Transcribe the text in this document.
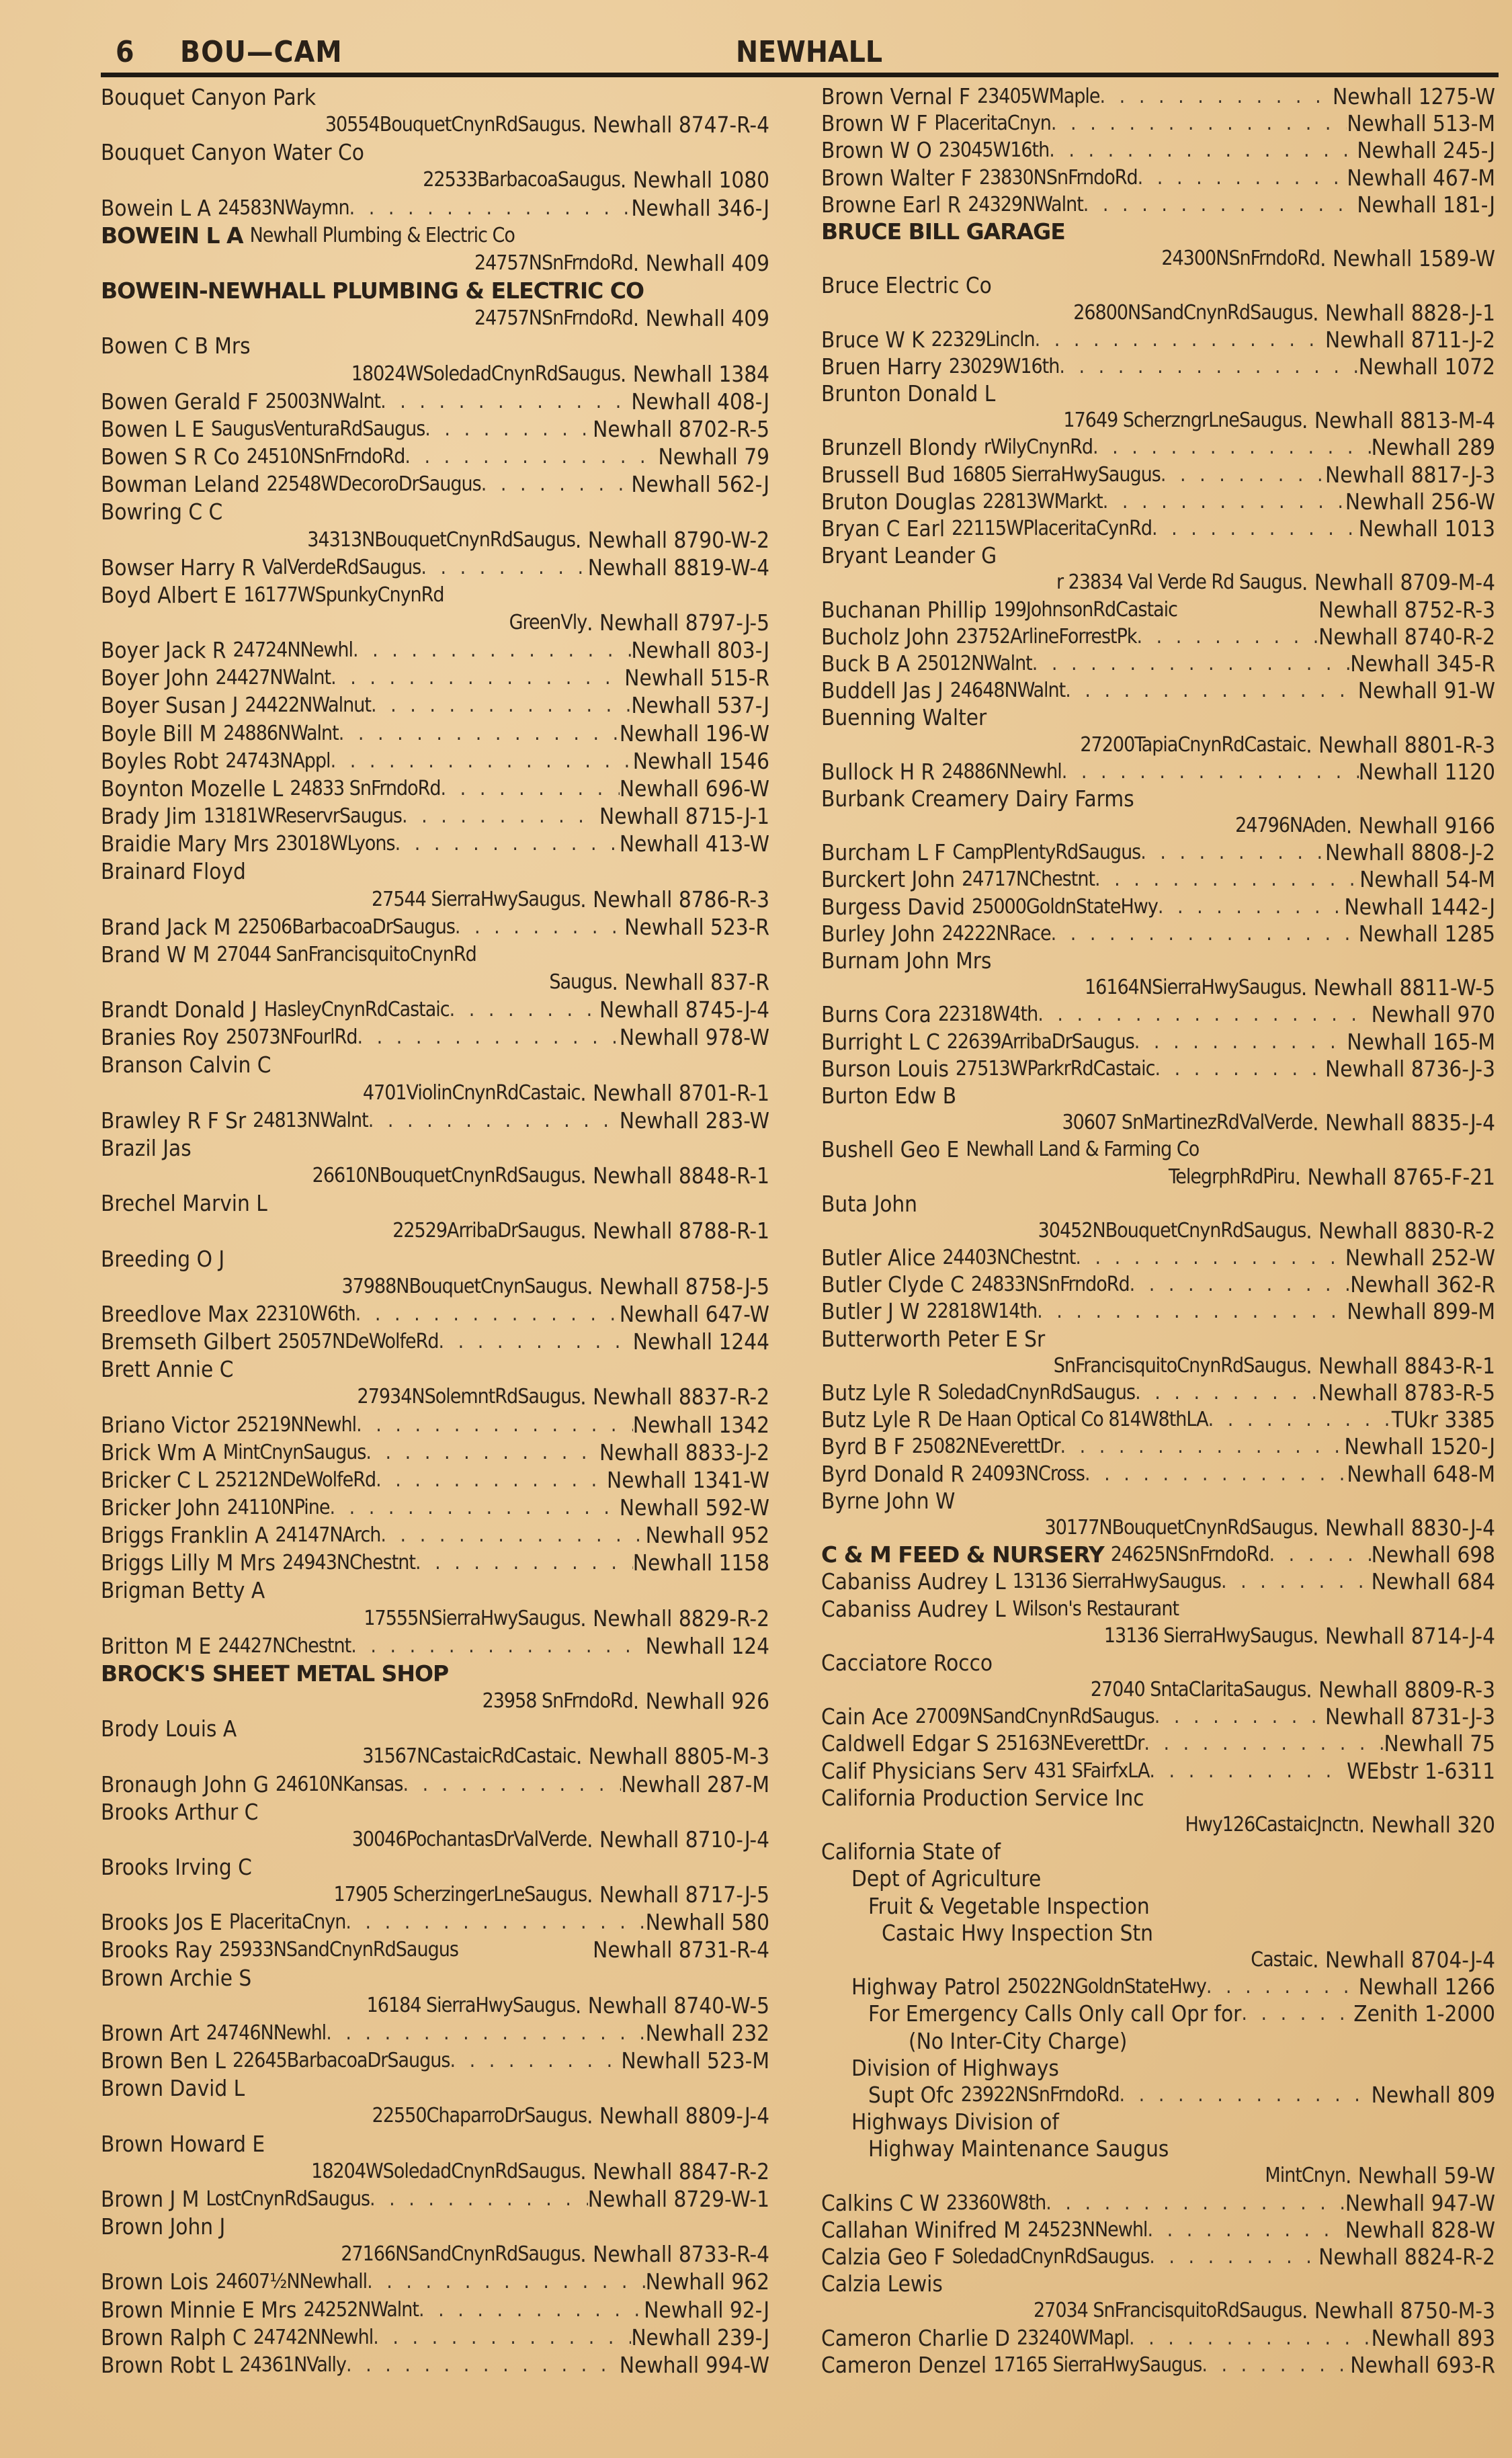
6 BOU—CAM	NEWHALL
Bouquet Canyon Park
30554BouquetCnynRdSaugus . Newhall 8747-R-4
Bouquet Canyon Water Co
22533BarbacoaSaugus . Newhall 1080
Bowein L A 24583NWaymn . . .	Newhall 346-J
BOWEIN L A Newhall Plumbing & Electric Co
24757NSnFrndoRd . Newhall 409
BOWEIN-NEWHALL PLUMBING & ELECTRIC CO
24757NSnFrndoRd . Newhall 409
Bowen C B Mrs
18024WSoledadCnynRdSaugus . Newhall 1384
Bowen Gerald F 25003NWalnt . . .	Newhall 408-J
Bowen L E SaugusVenturaRdSaugus . . .	Newhall 8702-R-5
Bowen S R Co 24510NSnFrndoRd . . .	Newhall 79
Bowman Leland 22548WDecoroDrSaugus . . .	Newhall 562-J
Bowring C C
34313NBouquetCnynRdSaugus . Newhall 8790-W-2
Bowser Harry R ValVerdeRdSaugus . . .	Newhall 8819-W-4
Boyd Albert E 16177WSpunkyCnynRd
GreenVly . Newhall 8797-J-5
Boyer Jack R 24724NNewhl . . .	Newhall 803-J
Boyer John 24427NWalnt . . .	Newhall 515-R
Boyer Susan J 24422NWalnut . . .	Newhall 537-J
Boyle Bill M 24886NWalnt . . .	Newhall 196-W
Boyles Robt 24743NAppl . . .	Newhall 1546
Boynton Mozelle L 24833 SnFrndoRd . . .	Newhall 696-W
Brady Jim 13181WReservrSaugus . . .	Newhall 8715-J-1
Braidie Mary Mrs 23018WLyons . . .	Newhall 413-W
Brainard Floyd
27544 SierraHwySaugus . Newhall 8786-R-3
Brand Jack M 22506BarbacoaDrSaugus . . .	Newhall 523-R
Brand W M 27044 SanFrancisquitoCnynRd
Saugus . Newhall 837-R
Brandt Donald J HasleyCnynRdCastaic . . .	Newhall 8745-J-4
Branies Roy 25073NFourlRd . . .	Newhall 978-W
Branson Calvin C
4701ViolinCnynRdCastaic . Newhall 8701-R-1
Brawley R F Sr 24813NWalnt . . .	Newhall 283-W
Brazil Jas
26610NBouquetCnynRdSaugus . Newhall 8848-R-1
Brechel Marvin L
22529ArribaDrSaugus . Newhall 8788-R-1
Breeding O J
37988NBouquetCnynSaugus . Newhall 8758-J-5
Breedlove Max 22310W6th . . .	Newhall 647-W
Bremseth Gilbert 25057NDeWolfeRd . . .	Newhall 1244
Brett Annie C
27934NSolemntRdSaugus . Newhall 8837-R-2
Briano Victor 25219NNewhl . . .	Newhall 1342
Brick Wm A MintCnynSaugus . . .	Newhall 8833-J-2
Bricker C L 25212NDeWolfeRd . . .	Newhall 1341-W
Bricker John 24110NPine . . .	Newhall 592-W
Briggs Franklin A 24147NArch . . .	Newhall 952
Briggs Lilly M Mrs 24943NChestnt . . .	Newhall 1158
Brigman Betty A
17555NSierraHwySaugus . Newhall 8829-R-2
Britton M E 24427NChestnt . . .	Newhall 124
BROCK'S SHEET METAL SHOP
23958 SnFrndoRd . Newhall 926
Brody Louis A
31567NCastaicRdCastaic . Newhall 8805-M-3
Bronaugh John G 24610NKansas . . .	Newhall 287-M
Brooks Arthur C
30046PochantasDrValVerde . Newhall 8710-J-4
Brooks Irving C
17905 ScherzingerLneSaugus . Newhall 8717-J-5
Brooks Jos E PlaceritaCnyn . . .	Newhall 580
Brooks Ray 25933NSandCnynRdSaugus	Newhall 8731-R-4
Brown Archie S
16184 SierraHwySaugus . Newhall 8740-W-5
Brown Art 24746NNewhl . . .	Newhall 232
Brown Ben L 22645BarbacoaDrSaugus . . .	Newhall 523-M
Brown David L
22550ChaparroDrSaugus . Newhall 8809-J-4
Brown Howard E
18204WSoledadCnynRdSaugus . Newhall 8847-R-2
Brown J M LostCnynRdSaugus . . .	Newhall 8729-W-1
Brown John J
27166NSandCnynRdSaugus . Newhall 8733-R-4
Brown Lois 24607½NNewhall . . .	Newhall 962
Brown Minnie E Mrs 24252NWalnt . . .	Newhall 92-J
Brown Ralph C 24742NNewhl . . .	Newhall 239-J
Brown Robt L 24361NVally . . .	Newhall 994-W
Brown Vernal F 23405WMaple . . .	Newhall 1275-W
Brown W F PlaceritaCnyn . . .	Newhall 513-M
Brown W O 23045W16th . . .	Newhall 245-J
Brown Walter F 23830NSnFrndoRd . . .	Newhall 467-M
Browne Earl R 24329NWalnt . . .	Newhall 181-J
BRUCE BILL GARAGE
24300NSnFrndoRd . Newhall 1589-W
Bruce Electric Co
26800NSandCnynRdSaugus . Newhall 8828-J-1
Bruce W K 22329Lincln . . .	Newhall 8711-J-2
Bruen Harry 23029W16th . . .	Newhall 1072
Brunton Donald L
17649 ScherzngrLneSaugus . Newhall 8813-M-4
Brunzell Blondy rWilyCnynRd . . .	Newhall 289
Brussell Bud 16805 SierraHwySaugus . . .	Newhall 8817-J-3
Bruton Douglas 22813WMarkt . . .	Newhall 256-W
Bryan C Earl 22115WPlaceritaCynRd . . .	Newhall 1013
Bryant Leander G
r 23834 Val Verde Rd Saugus . Newhall 8709-M-4
Buchanan Phillip 199JohnsonRdCastaic	Newhall 8752-R-3
Bucholz John 23752ArlineForrestPk . . .	Newhall 8740-R-2
Buck B A 25012NWalnt . . .	Newhall 345-R
Buddell Jas J 24648NWalnt . . .	Newhall 91-W
Buenning Walter
27200TapiaCnynRdCastaic . Newhall 8801-R-3
Bullock H R 24886NNewhl . . .	Newhall 1120
Burbank Creamery Dairy Farms
24796NAden . Newhall 9166
Burcham L F CampPlentyRdSaugus . . .	Newhall 8808-J-2
Burckert John 24717NChestnt . . .	Newhall 54-M
Burgess David 25000GoldnStateHwy . . .	Newhall 1442-J
Burley John 24222NRace . . .	Newhall 1285
Burnam John Mrs
16164NSierraHwySaugus . Newhall 8811-W-5
Burns Cora 22318W4th . . .	Newhall 970
Burright L C 22639ArribaDrSaugus . . .	Newhall 165-M
Burson Louis 27513WParkrRdCastaic . . .	Newhall 8736-J-3
Burton Edw B
30607 SnMartinezRdValVerde . Newhall 8835-J-4
Bushell Geo E Newhall Land & Farming Co
TelegrphRdPiru . Newhall 8765-F-21
Buta John
30452NBouquetCnynRdSaugus . Newhall 8830-R-2
Butler Alice 24403NChestnt . . .	Newhall 252-W
Butler Clyde C 24833NSnFrndoRd . . .	Newhall 362-R
Butler J W 22818W14th . . .	Newhall 899-M
Butterworth Peter E Sr
SnFrancisquitoCnynRdSaugus . Newhall 8843-R-1
Butz Lyle R SoledadCnynRdSaugus . . .	Newhall 8783-R-5
Butz Lyle R De Haan Optical Co 814W8thLA . . .	TUkr 3385
Byrd B F 25082NEverettDr . . .	Newhall 1520-J
Byrd Donald R 24093NCross . . .	Newhall 648-M
Byrne John W
30177NBouquetCnynRdSaugus . Newhall 8830-J-4
C & M FEED & NURSERY 24625NSnFrndoRd . . .	Newhall 698
Cabaniss Audrey L 13136 SierraHwySaugus . . .	Newhall 684
Cabaniss Audrey L Wilson's Restaurant
13136 SierraHwySaugus . Newhall 8714-J-4
Cacciatore Rocco
27040 SntaClaritaSaugus . Newhall 8809-R-3
Cain Ace 27009NSandCnynRdSaugus . . .	Newhall 8731-J-3
Caldwell Edgar S 25163NEverettDr . . .	Newhall 75
Calif Physicians Serv 431 SFairfxLA . . .	WEbstr 1-6311
California Production Service Inc
Hwy126CastaicJnctn . Newhall 320
California State of
Dept of Agriculture
Fruit & Vegetable Inspection
Castaic Hwy Inspection Stn
Castaic . Newhall 8704-J-4
Highway Patrol 25022NGoldnStateHwy . . .	Newhall 1266
For Emergency Calls Only call Opr for . . .	Zenith 1-2000
(No Inter-City Charge)
Division of Highways
Supt Ofc 23922NSnFrndoRd . . .	Newhall 809
Highways Division of
Highway Maintenance Saugus
MintCnyn . Newhall 59-W
Calkins C W 23360W8th . . .	Newhall 947-W
Callahan Winifred M 24523NNewhl . . .	Newhall 828-W
Calzia Geo F SoledadCnynRdSaugus . . .	Newhall 8824-R-2
Calzia Lewis
27034 SnFrancisquitoRdSaugus . Newhall 8750-M-3
Cameron Charlie D 23240WMapl . . .	Newhall 893
Cameron Denzel 17165 SierraHwySaugus . . .	Newhall 693-R
